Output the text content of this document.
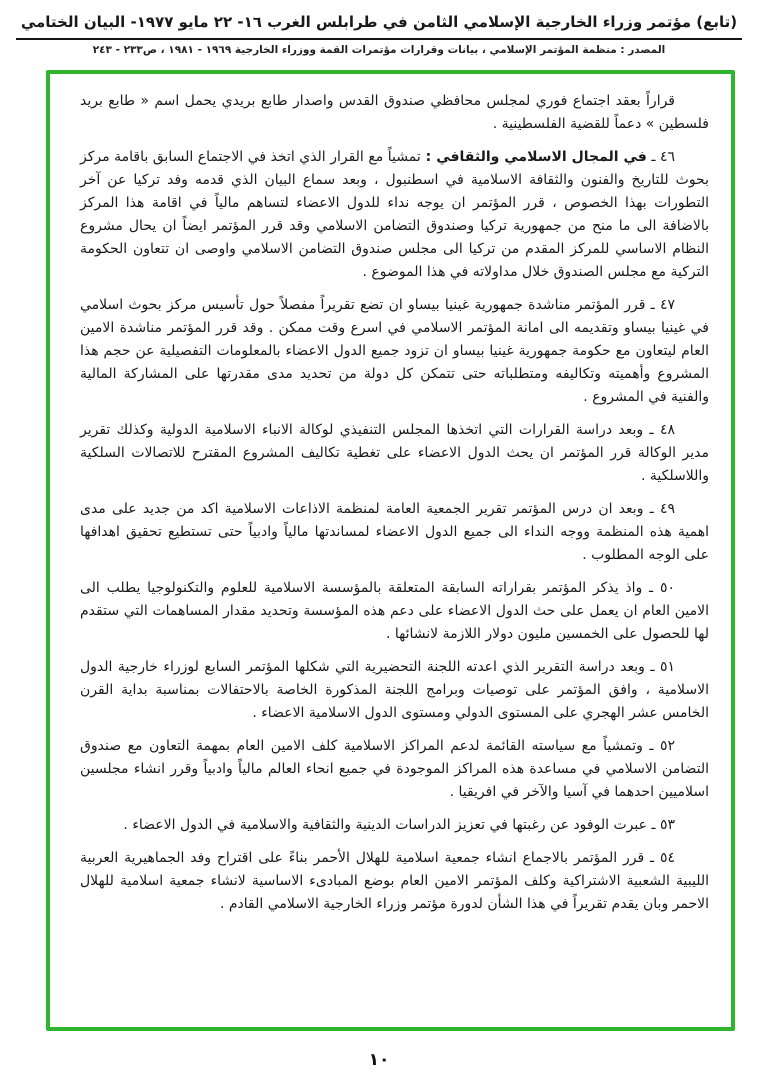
(تابع) مؤتمر وزراء الخارجية الإسلامي الثامن في طرابلس الغرب ١٦- ٢٢ مايو ١٩٧٧- البيان الختامي
المصدر : منظمة المؤتمر الإسلامي ، بيانات وقرارات مؤتمرات القمة ووزراء الخارجية ١٩٦٩ - ١٩٨١ ، ص٢٣٣ - ٢٤٣

قراراً بعقد اجتماع فوري لمجلس محافظي صندوق القدس واصدار طابع بريدي يحمل اسم « طابع بريد فلسطين » دعماً للقضية الفلسطينية .

٤٦ ـ في المجال الاسلامي والثقافي : تمشياً مع القرار الذي اتخذ في الاجتماع السابق باقامة مركز بحوث للتاريخ والفنون والثقافة الاسلامية في اسطنبول ، وبعد سماع البيان الذي قدمه وفد تركيا عن آخر التطورات بهذا الخصوص ، قرر المؤتمر ان يوجه نداء للدول الاعضاء لتساهم مالياً في اقامة هذا المركز بالاضافة الى ما منح من جمهورية تركيا وصندوق التضامن الاسلامي وقد قرر المؤتمر ايضاً ان يحال مشروع النظام الاساسي للمركز المقدم من تركيا الى مجلس صندوق التضامن الاسلامي واوصى ان تتعاون الحكومة التركية مع مجلس الصندوق خلال مداولاته في هذا الموضوع .

٤٧ ـ قرر المؤتمر مناشدة جمهورية غينيا بيساو ان تضع تقريراً مفصلاً حول تأسيس مركز بحوث اسلامي في غينيا بيساو وتقديمه الى امانة المؤتمر الاسلامي في اسرع وقت ممكن . وقد قرر المؤتمر مناشدة الامين العام ليتعاون مع حكومة جمهورية غينيا بيساو ان تزود جميع الدول الاعضاء بالمعلومات التفصيلية عن حجم هذا المشروع وأهميته وتكاليفه ومتطلباته حتى تتمكن كل دولة من تحديد مدى مقدرتها على المشاركة المالية والفنية في المشروع .

٤٨ ـ وبعد دراسة القرارات التي اتخذها المجلس التنفيذي لوكالة الانباء الاسلامية الدولية وكذلك تقرير مدير الوكالة قرر المؤتمر ان يحث الدول الاعضاء على تغطية تكاليف المشروع المقترح للاتصالات السلكية واللاسلكية .

٤٩ ـ وبعد ان درس المؤتمر تقرير الجمعية العامة لمنظمة الاذاعات الاسلامية اكد من جديد على مدى اهمية هذه المنظمة ووجه النداء الى جميع الدول الاعضاء لمساندتها مالياً وادبياً حتى تستطيع تحقيق اهدافها على الوجه المطلوب .

٥٠ ـ واذ يذكر المؤتمر بقراراته السابقة المتعلقة بالمؤسسة الاسلامية للعلوم والتكنولوجيا يطلب الى الامين العام ان يعمل على حث الدول الاعضاء على دعم هذه المؤسسة وتحديد مقدار المساهمات التي ستقدم لها للحصول على الخمسين مليون دولار اللازمة لانشائها .

٥١ ـ وبعد دراسة التقرير الذي اعدته اللجنة التحضيرية التي شكلها المؤتمر السابع لوزراء خارجية الدول الاسلامية ، وافق المؤتمر على توصيات وبرامج اللجنة المذكورة الخاصة بالاحتفالات بمناسبة بداية القرن الخامس عشر الهجري على المستوى الدولي ومستوى الدول الاسلامية الاعضاء .

٥٢ ـ وتمشياً مع سياسته القائمة لدعم المراكز الاسلامية كلف الامين العام بمهمة التعاون مع صندوق التضامن الاسلامي في مساعدة هذه المراكز الموجودة في جميع انحاء العالم مالياً وادبياً وقرر انشاء مجلسين اسلاميين احدهما في آسيا والآخر في افريقيا .

٥٣ ـ عبرت الوفود عن رغبتها في تعزيز الدراسات الدينية والثقافية والاسلامية في الدول الاعضاء .

٥٤ ـ قرر المؤتمر بالاجماع انشاء جمعية اسلامية للهلال الأحمر بناءً على اقتراح وفد الجماهيرية العربية الليبية الشعبية الاشتراكية وكلف المؤتمر الامين العام بوضع المبادىء الاساسية لانشاء جمعية اسلامية للهلال الاحمر وبان يقدم تقريراً في هذا الشأن لدورة مؤتمر وزراء الخارجية الاسلامي القادم .

١٠
